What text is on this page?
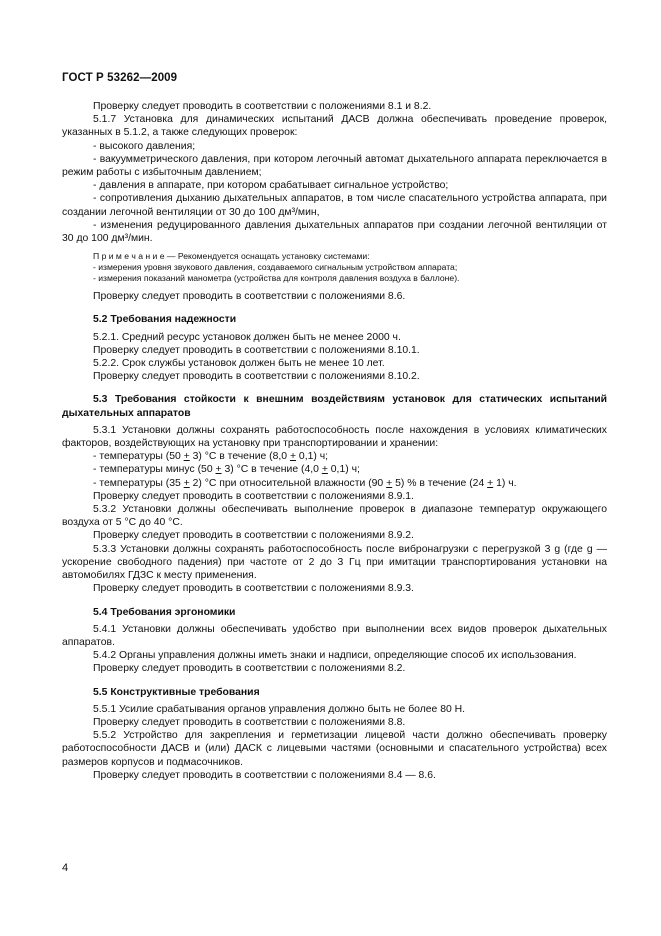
ГОСТ Р 53262—2009

Проверку следует проводить в соответствии с положениями 8.1 и 8.2.

5.1.7 Установка для динамических испытаний ДАСВ должна обеспечивать проведение проверок, указанных в 5.1.2, а также следующих проверок:

- высокого давления;

- вакуумметрического давления, при котором легочный автомат дыхательного аппарата переключается в режим работы с избыточным давлением;

- давления в аппарате, при котором срабатывает сигнальное устройство;

- сопротивления дыханию дыхательных аппаратов, в том числе спасательного устройства аппарата, при создании легочной вентиляции от 30 до 100 дм³/мин,

- изменения редуцированного давления дыхательных аппаратов при создании легочной вентиляции от 30 до 100 дм³/мин.

П р и м е ч а н и е — Рекомендуется оснащать установку системами:

- измерения уровня звукового давления, создаваемого сигнальным устройством аппарата;

- измерения показаний манометра (устройства для контроля давления воздуха в баллоне).

Проверку следует проводить в соответствии с положениями 8.6.

5.2 Требования надежности

5.2.1. Средний ресурс установок должен быть не менее 2000 ч.

Проверку следует проводить в соответствии с положениями 8.10.1.

5.2.2. Срок службы установок должен быть не менее 10 лет.

Проверку следует проводить в соответствии с положениями 8.10.2.

5.3 Требования стойкости к внешним воздействиям установок для статических испытаний дыхательных аппаратов

5.3.1 Установки должны сохранять работоспособность после нахождения в условиях климатических факторов, воздействующих на установку при транспортировании и хранении:

- температуры (50 + 3) °С в течение (8,0 + 0,1) ч;

- температуры минус (50 + 3) °С в течение (4,0 + 0,1) ч;

- температуры (35 + 2) °С при относительной влажности (90 + 5) % в течение (24 + 1) ч.

Проверку следует проводить в соответствии с положениями 8.9.1.

5.3.2 Установки должны обеспечивать выполнение проверок в диапазоне температур окружающего воздуха от 5 °С до 40 °С.

Проверку следует проводить в соответствии с положениями 8.9.2.

5.3.3 Установки должны сохранять работоспособность после вибронагрузки с перегрузкой 3 g (где g — ускорение свободного падения) при частоте от 2 до 3 Гц при имитации транспортирования установки на автомобилях ГДЗС к месту применения.

Проверку следует проводить в соответствии с положениями 8.9.3.

5.4 Требования эргономики

5.4.1 Установки должны обеспечивать удобство при выполнении всех видов проверок дыхательных аппаратов.

5.4.2 Органы управления должны иметь знаки и надписи, определяющие способ их использования.

Проверку следует проводить в соответствии с положениями 8.2.

5.5 Конструктивные требования

5.5.1 Усилие срабатывания органов управления должно быть не более 80 Н.

Проверку следует проводить в соответствии с положениями 8.8.

5.5.2 Устройство для закрепления и герметизации лицевой части должно обеспечивать проверку работоспособности ДАСВ и (или) ДАСК с лицевыми частями (основными и спасательного устройства) всех размеров корпусов и подмасочников.

Проверку следует проводить в соответствии с положениями 8.4 — 8.6.

4
